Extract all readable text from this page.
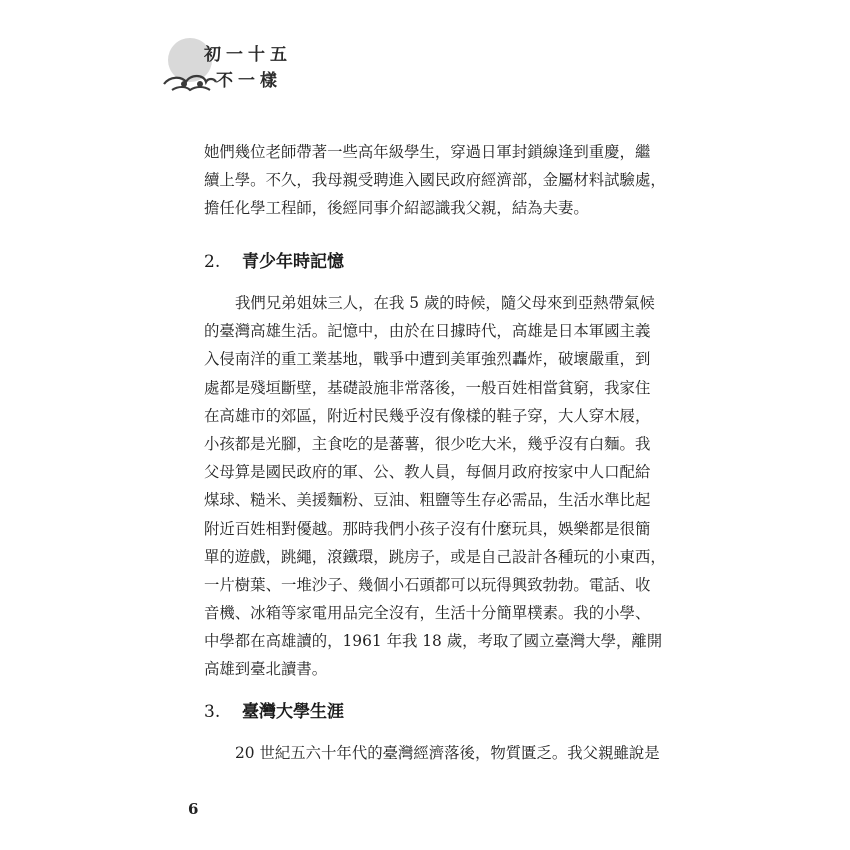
初一十五
不一樣
她們幾位老師帶著一些高年級學生，穿過日軍封鎖線逢到重慶，繼
續上學。不久，我母親受聘進入國民政府經濟部，金屬材料試驗處，
擔任化學工程師，後經同事介紹認識我父親，結為夫妻。
2. 青少年時記憶
我們兄弟姐妹三人，在我 5 歲的時候，隨父母來到亞熱帶氣候
的臺灣高雄生活。記憶中，由於在日據時代，高雄是日本軍國主義
入侵南洋的重工業基地，戰爭中遭到美軍強烈轟炸，破壞嚴重，到
處都是殘垣斷壁，基礎設施非常落後，一般百姓相當貧窮，我家住
在高雄市的郊區，附近村民幾乎沒有像樣的鞋子穿，大人穿木屐，
小孩都是光腳，主食吃的是蕃薯，很少吃大米，幾乎沒有白麵。我
父母算是國民政府的軍、公、教人員，每個月政府按家中人口配給
煤球、糙米、美援麵粉、豆油、粗鹽等生存必需品，生活水準比起
附近百姓相對優越。那時我們小孩子沒有什麼玩具，娛樂都是很簡
單的遊戲，跳繩，滾鐵環，跳房子，或是自己設計各種玩的小東西，
一片樹葉、一堆沙子、幾個小石頭都可以玩得興致勃勃。電話、收
音機、冰箱等家電用品完全沒有，生活十分簡單樸素。我的小學、
中學都在高雄讀的，1961 年我 18 歲，考取了國立臺灣大學，離開
高雄到臺北讀書。
3. 臺灣大學生涯
20 世紀五六十年代的臺灣經濟落後，物質匱乏。我父親雖說是
6
